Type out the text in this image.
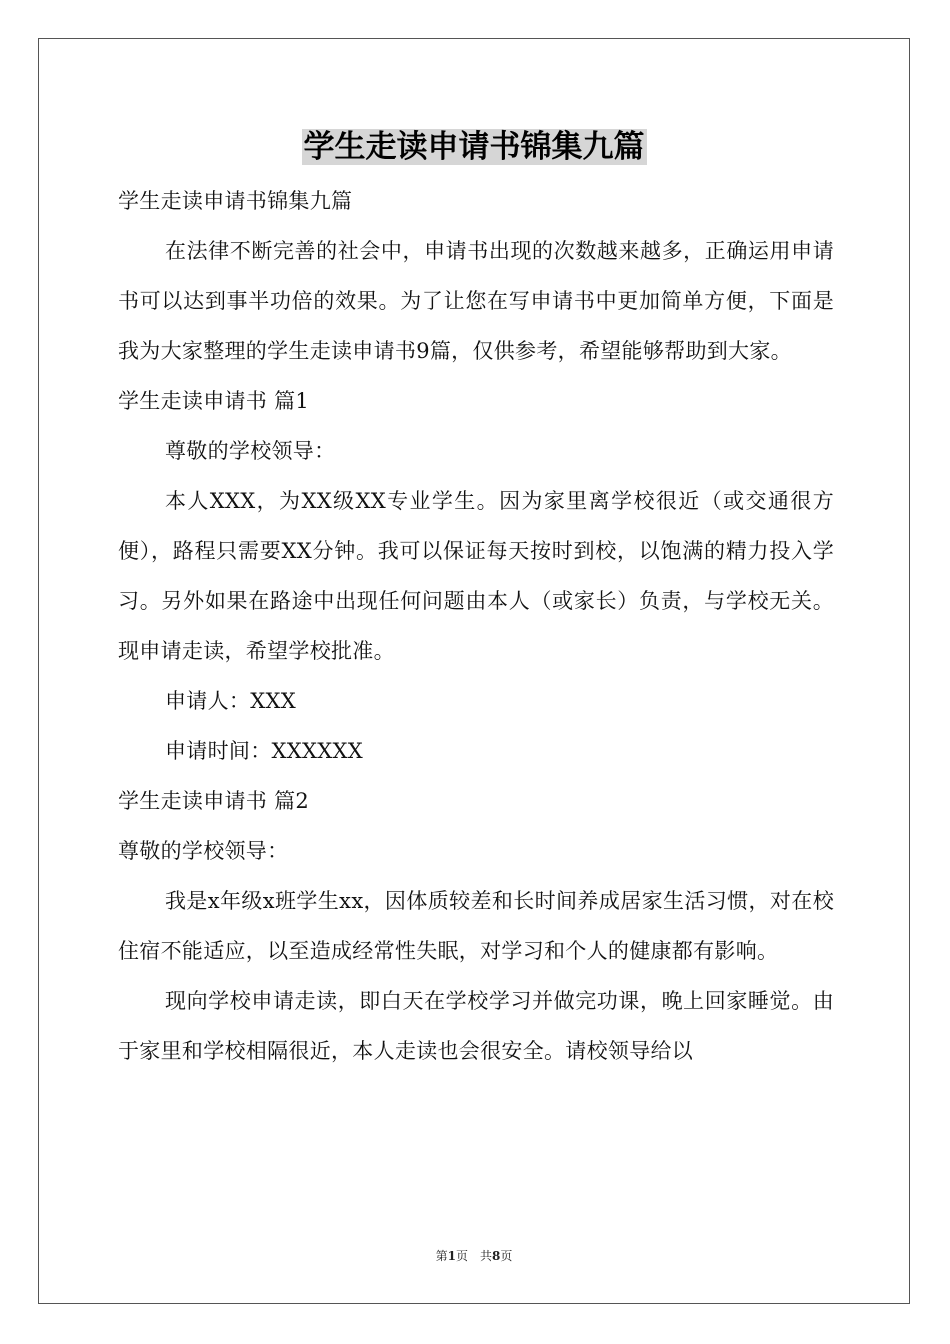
学生走读申请书锦集九篇

学生走读申请书锦集九篇

在法律不断完善的社会中，申请书出现的次数越来越多，正确运用申请书可以达到事半功倍的效果。为了让您在写申请书中更加简单方便，下面是我为大家整理的学生走读申请书9篇，仅供参考，希望能够帮助到大家。

学生走读申请书 篇1

尊敬的学校领导：

本人XXX，为XX级XX专业学生。因为家里离学校很近（或交通很方便），路程只需要XX分钟。我可以保证每天按时到校，以饱满的精力投入学习。另外如果在路途中出现任何问题由本人（或家长）负责，与学校无关。现申请走读，希望学校批准。

申请人：XXX

申请时间：XXXXXX

学生走读申请书 篇2

尊敬的学校领导：

我是x年级x班学生xx，因体质较差和长时间养成居家生活习惯，对在校住宿不能适应，以至造成经常性失眠，对学习和个人的健康都有影响。

现向学校申请走读，即白天在学校学习并做完功课，晚上回家睡觉。由于家里和学校相隔很近，本人走读也会很安全。请校领导给以

第1页　共8页
